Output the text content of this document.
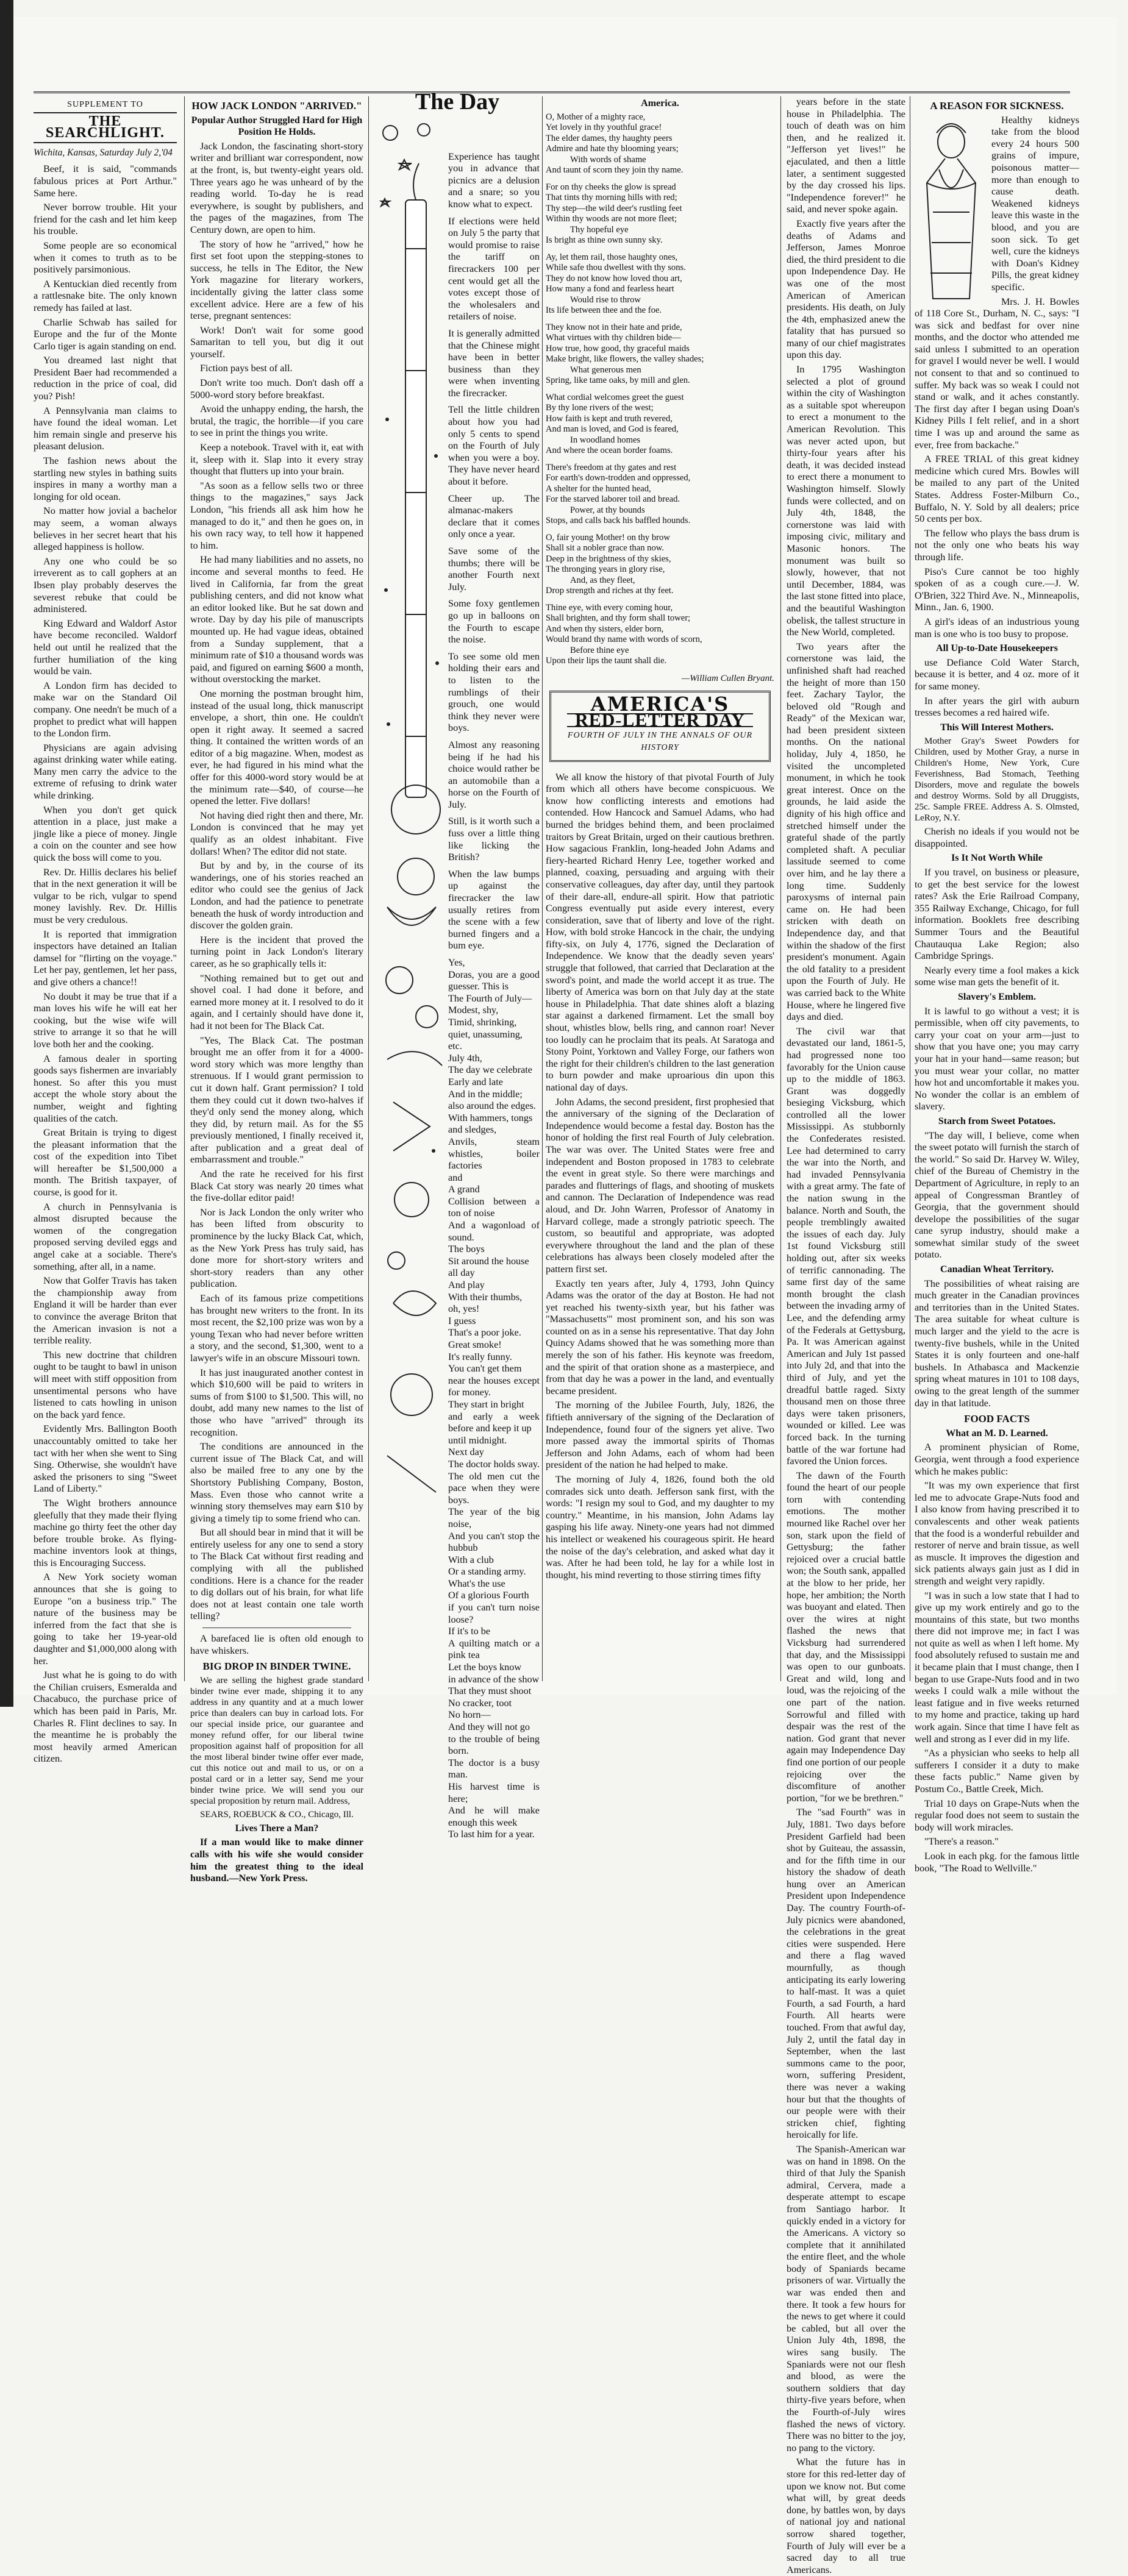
SUPPLEMENT TO
THE SEARCHLIGHT.
Wichita, Kansas, Saturday July 2,'04

Beef, it is said, "commands fabulous prices at Port Arthur." Same here.

Never borrow trouble. Hit your friend for the cash and let him keep his trouble.

Some people are so economical when it comes to truth as to be positively parsimonious.

A Kentuckian died recently from a rattlesnake bite. The only known remedy has failed at last.

Charlie Schwab has sailed for Europe and the fur of the Monte Carlo tiger is again standing on end.

You dreamed last night that President Baer had recommended a reduction in the price of coal, did you? Pish!

A Pennsylvania man claims to have found the ideal woman. Let him remain single and preserve his pleasant delusion.

The fashion news about the startling new styles in bathing suits inspires in many a worthy man a longing for old ocean.

No matter how jovial a bachelor may seem, a woman always believes in her secret heart that his alleged happiness is hollow.

Any one who could be so irreverent as to call gophers at an Ibsen play probably deserves the severest rebuke that could be administered.

King Edward and Waldorf Astor have become reconciled. Waldorf held out until he realized that the further humiliation of the king would be vain.

A London firm has decided to make war on the Standard Oil company. One needn't be much of a prophet to predict what will happen to the London firm.

Physicians are again advising against drinking water while eating. Many men carry the advice to the extreme of refusing to drink water while drinking.

When you don't get quick attention in a place, just make a jingle like a piece of money. Jingle a coin on the counter and see how quick the boss will come to you.

Rev. Dr. Hillis declares his belief that in the next generation it will be vulgar to be rich, vulgar to spend money lavishly. Rev. Dr. Hillis must be very credulous.

It is reported that immigration inspectors have detained an Italian damsel for "flirting on the voyage." Let her pay, gentlemen, let her pass, and give others a chance!!

No doubt it may be true that if a man loves his wife he will eat her cooking, but the wise wife will strive to arrange it so that he will love both her and the cooking.

A famous dealer in sporting goods says fishermen are invariably honest. So after this you must accept the whole story about the number, weight and fighting qualities of the catch.

Great Britain is trying to digest the pleasant information that the cost of the expedition into Tibet will hereafter be $1,500,000 a month. The British taxpayer, of course, is good for it.

A church in Pennsylvania is almost disrupted because the women of the congregation proposed serving deviled eggs and angel cake at a sociable. There's something, after all, in a name.

Now that Golfer Travis has taken the championship away from England it will be harder than ever to convince the average Briton that the American invasion is not a terrible reality.

This new doctrine that children ought to be taught to bawl in unison will meet with stiff opposition from unsentimental persons who have listened to cats howling in unison on the back yard fence.

Evidently Mrs. Ballington Booth unaccountably omitted to take her tact with her when she went to Sing Sing. Otherwise, she wouldn't have asked the prisoners to sing "Sweet Land of Liberty."

The Wight brothers announce gleefully that they made their flying machine go thirty feet the other day before trouble broke. As flying-machine inventors look at things, this is Encouraging Success.

A New York society woman announces that she is going to Europe "on a business trip." The nature of the business may be inferred from the fact that she is going to take her 19-year-old daughter and $1,000,000 along with her.

Just what he is going to do with the Chilian cruisers, Esmeralda and Chacabuco, the purchase price of which has been paid in Paris, Mr. Charles R. Flint declines to say. In the meantime he is probably the most heavily armed American citizen.

HOW JACK LONDON "ARRIVED."
Popular Author Struggled Hard for High Position He Holds.

Jack London, the fascinating short-story writer and brilliant war correspondent, now at the front, is, but twenty-eight years old. Three years ago he was unheard of by the reading world. To-day he is read everywhere, is sought by publishers, and the pages of the magazines, from The Century down, are open to him.

The story of how he "arrived," how he first set foot upon the stepping-stones to success, he tells in The Editor, the New York magazine for literary workers, incidentally giving the latter class some excellent advice. Here are a few of his terse, pregnant sentences:

Work! Don't wait for some good Samaritan to tell you, but dig it out yourself.

Fiction pays best of all.

Don't write too much. Don't dash off a 5000-word story before breakfast.

Avoid the unhappy ending, the harsh, the brutal, the tragic, the horrible—if you care to see in print the things you write.

Keep a notebook. Travel with it, eat with it, sleep with it. Slap into it every stray thought that flutters up into your brain.

"As soon as a fellow sells two or three things to the magazines," says Jack London, "his friends all ask him how he managed to do it," and then he goes on, in his own racy way, to tell how it happened to him.

He had many liabilities and no assets, no income and several months to feed. He lived in California, far from the great publishing centers, and did not know what an editor looked like. But he sat down and wrote. Day by day his pile of manuscripts mounted up. He had vague ideas, obtained from a Sunday supplement, that a minimum rate of $10 a thousand words was paid, and figured on earning $600 a month, without overstocking the market.

One morning the postman brought him, instead of the usual long, thick manuscript envelope, a short, thin one. He couldn't open it right away. It seemed a sacred thing. It contained the written words of an editor of a big magazine. When, modest as ever, he had figured in his mind what the offer for this 4000-word story would be at the minimum rate—$40, of course—he opened the letter. Five dollars!

Not having died right then and there, Mr. London is convinced that he may yet qualify as an oldest inhabitant. Five dollars! When? The editor did not state.

But by and by, in the course of its wanderings, one of his stories reached an editor who could see the genius of Jack London, and had the patience to penetrate beneath the husk of wordy introduction and discover the golden grain.

Here is the incident that proved the turning point in Jack London's literary career, as he so graphically tells it:

"Nothing remained but to get out and shovel coal. I had done it before, and earned more money at it. I resolved to do it again, and I certainly should have done it, had it not been for The Black Cat.

"Yes, The Black Cat. The postman brought me an offer from it for a 4000-word story which was more lengthy than strenuous. If I would grant permission to cut it down half. Grant permission? I told them they could cut it down two-halves if they'd only send the money along, which they did, by return mail. As for the $5 previously mentioned, I finally received it, after publication and a great deal of embarrassment and trouble."

And the rate he received for his first Black Cat story was nearly 20 times what the five-dollar editor paid!

Nor is Jack London the only writer who has been lifted from obscurity to prominence by the lucky Black Cat, which, as the New York Press has truly said, has done more for short-story writers and short-story readers than any other publication.

Each of its famous prize competitions has brought new writers to the front. In its most recent, the $2,100 prize was won by a young Texan who had never before written a story, and the second, $1,300, went to a lawyer's wife in an obscure Missouri town.

It has just inaugurated another contest in which $10,600 will be paid to writers in sums of from $100 to $1,500. This will, no doubt, add many new names to the list of those who have "arrived" through its recognition.

The conditions are announced in the current issue of The Black Cat, and will also be mailed free to any one by the Shortstory Publishing Company, Boston, Mass. Even those who cannot write a winning story themselves may earn $10 by giving a timely tip to some friend who can.

But all should bear in mind that it will be entirely useless for any one to send a story to The Black Cat without first reading and complying with all the published conditions. Here is a chance for the reader to dig dollars out of his brain, for what life does not at least contain one tale worth telling?

A barefaced lie is often old enough to have whiskers.

BIG DROP IN BINDER TWINE.

We are selling the highest grade standard binder twine ever made, shipping it to any address in any quantity and at a much lower price than dealers can buy in carload lots. For our special inside price, our guarantee and money refund offer, for our liberal twine proposition against half of proposition for all the most liberal binder twine offer ever made, cut this notice out and mail to us, or on a postal card or in a letter say, Send me your binder twine price. We will send you our special proposition by return mail. Address,

SEARS, ROEBUCK & CO., Chicago, Ill.

Lives There a Man?

If a man would like to make dinner calls with his wife she would consider him the greatest thing to the ideal husband.—New York Press.

The Day

Experience has taught you in advance that picnics are a delusion and a snare; so you know what to expect.

If elections were held on July 5 the party that would promise to raise the tariff on firecrackers 100 per cent would get all the votes except those of the wholesalers and retailers of noise.

It is generally admitted that the Chinese might have been in better business than they were when inventing the firecracker.

Tell the little children about how you had only 5 cents to spend on the Fourth of July when you were a boy. They have never heard about it before.

Cheer up. The almanac-makers declare that it comes only once a year.

Save some of the thumbs; there will be another Fourth next July.

Some foxy gentlemen go up in balloons on the Fourth to escape the noise.

To see some old men holding their ears and to listen to the rumblings of their grouch, one would think they never were boys.

Almost any reasoning being if he had his choice would rather be an automobile than a horse on the Fourth of July.

Still, is it worth such a fuss over a little thing like licking the British?

When the law bumps up against the firecracker the law usually retires from the scene with a few burned fingers and a bum eye.

Yes,
Doras, you are a good guesser. This is
The Fourth of July—
Modest, shy,
Timid, shrinking,
quiet, unassuming,
etc.
July 4th,
The day we celebrate
Early and late
And in the middle;
also around the edges.
With hammers, tongs
and sledges,
Anvils, steam whistles, boiler factories
and
A grand
Collision between a ton of noise
And a wagonload of sound.
The boys
Sit around the house
all day
And play
With their thumbs,
oh, yes!
I guess
That's a poor joke.
Great smoke!
It's really funny.
You can't get them
near the houses except for money.
They start in bright
and early a week before and keep it up
until midnight.
Next day
The doctor holds sway.
The old men cut the pace when they were boys.
The year of the big noise,
And you can't stop the hubbub
With a club
Or a standing army.
What's the use
Of a glorious Fourth
if you can't turn noise loose?
If it's to be
A quilting match or a pink tea
Let the boys know
in advance of the show
That they must shoot
No cracker, toot
No horn—
And they will not go
to the trouble of being born.
The doctor is a busy man.
His harvest time is here;
And he will make enough this week
To last him for a year.
America.
O, Mother of a mighty race,
Yet lovely in thy youthful grace!
The elder dames, thy haughty peers
Admire and hate thy blooming years;
With words of shame
And taunt of scorn they join thy name.
For on thy cheeks the glow is spread
That tints thy morning hills with red;
Thy step—the wild deer's rustling feet
Within thy woods are not more fleet;
Thy hopeful eye
Is bright as thine own sunny sky.
Ay, let them rail, those haughty ones,
While safe thou dwellest with thy sons.
They do not know how loved thou art,
How many a fond and fearless heart
Would rise to throw
Its life between thee and the foe.
They know not in their hate and pride,
What virtues with thy children bide—
How true, how good, thy graceful maids
Make bright, like flowers, the valley shades;
What generous men
Spring, like tame oaks, by mill and glen.
What cordial welcomes greet the guest
By thy lone rivers of the west;
How faith is kept and truth revered,
And man is loved, and God is feared,
In woodland homes
And where the ocean border foams.
There's freedom at thy gates and rest
For earth's down-trodden and oppressed,
A shelter for the hunted head,
For the starved laborer toil and bread.
Power, at thy bounds
Stops, and calls back his baffled hounds.
O, fair young Mother! on thy brow
Shall sit a nobler grace than now.
Deep in the brightness of thy skies,
The thronging years in glory rise,
And, as they fleet,
Drop strength and riches at thy feet.
Thine eye, with every coming hour,
Shall brighten, and thy form shall tower;
And when thy sisters, elder born,
Would brand thy name with words of scorn,
Before thine eye
Upon their lips the taunt shall die.
—William Cullen Bryant.
AMERICA'S
RED-LETTER DAY
FOURTH OF JULY IN THE ANNALS OF OUR HISTORY

We all know the history of that pivotal Fourth of July from which all others have become conspicuous. We know how conflicting interests and emotions had contended. How Hancock and Samuel Adams, who had burned the bridges behind them, and been proclaimed traitors by Great Britain, urged on their cautious brethren. How sagacious Franklin, long-headed John Adams and fiery-hearted Richard Henry Lee, together worked and planned, coaxing, persuading and arguing with their conservative colleagues, day after day, until they partook of their dare-all, endure-all spirit. How that patriotic Congress eventually put aside every interest, every consideration, save that of liberty and love of the right. How, with bold stroke Hancock in the chair, the undying fifty-six, on July 4, 1776, signed the Declaration of Independence. We know that the deadly seven years' struggle that followed, that carried that Declaration at the sword's point, and made the world accept it as true. The liberty of America was born on that July day at the state house in Philadelphia. That date shines aloft a blazing star against a darkened firmament. Let the small boy shout, whistles blow, bells ring, and cannon roar! Never too loudly can he proclaim that its peals. At Saratoga and Stony Point, Yorktown and Valley Forge, our fathers won the right for their children's children to the last generation to burn powder and make uproarious din upon this national day of days.

John Adams, the second president, first prophesied that the anniversary of the signing of the Declaration of Independence would become a festal day. Boston has the honor of holding the first real Fourth of July celebration. The war was over. The United States were free and independent and Boston proposed in 1783 to celebrate the event in great style. So there were marchings and parades and flutterings of flags, and shooting of muskets and cannon. The Declaration of Independence was read aloud, and Dr. John Warren, Professor of Anatomy in Harvard college, made a strongly patriotic speech. The custom, so beautiful and appropriate, was adopted everywhere throughout the land and the plan of these celebrations has always been closely modeled after the pattern first set.

Exactly ten years after, July 4, 1793, John Quincy Adams was the orator of the day at Boston. He had not yet reached his twenty-sixth year, but his father was "Massachusetts'" most prominent son, and his son was counted on as in a sense his representative. That day John Quincy Adams showed that he was something more than merely the son of his father. His keynote was freedom, and the spirit of that oration shone as a masterpiece, and from that day he was a power in the land, and eventually became president.

The morning of the Jubilee Fourth, July, 1826, the fiftieth anniversary of the signing of the Declaration of Independence, found four of the signers yet alive. Two more passed away the immortal spirits of Thomas Jefferson and John Adams, each of whom had been president of the nation he had helped to make.

The morning of July 4, 1826, found both the old comrades sick unto death. Jefferson sank first, with the words: "I resign my soul to God, and my daughter to my country." Meantime, in his mansion, John Adams lay gasping his life away. Ninety-one years had not dimmed his intellect or weakened his courageous spirit. He heard the noise of the day's celebration, and asked what day it was. After he had been told, he lay for a while lost in thought, his mind reverting to those stirring times fifty

years before in the state house in Philadelphia. The touch of death was on him then, and he realized it. "Jefferson yet lives!" he ejaculated, and then a little later, a sentiment suggested by the day crossed his lips. "Independence forever!" he said, and never spoke again.

Exactly five years after the deaths of Adams and Jefferson, James Monroe died, the third president to die upon Independence Day. He was one of the most American of American presidents. His death, on July the 4th, emphasized anew the fatality that has pursued so many of our chief magistrates upon this day.

In 1795 Washington selected a plot of ground within the city of Washington as a suitable spot whereupon to erect a monument to the American Revolution. This was never acted upon, but thirty-four years after his death, it was decided instead to erect there a monument to Washington himself. Slowly funds were collected, and on July 4th, 1848, the cornerstone was laid with imposing civic, military and Masonic honors. The monument was built so slowly, however, that not until December, 1884, was the last stone fitted into place, and the beautiful Washington obelisk, the tallest structure in the New World, completed.

Two years after the cornerstone was laid, the unfinished shaft had reached the height of more than 150 feet. Zachary Taylor, the beloved old "Rough and Ready" of the Mexican war, had been president sixteen months. On the national holiday, July 4, 1850, he visited the uncompleted monument, in which he took great interest. Once on the grounds, he laid aside the dignity of his high office and stretched himself under the grateful shade of the partly completed shaft. A peculiar lassitude seemed to come over him, and he lay there a long time. Suddenly paroxysms of internal pain came on. He had been stricken with death on Independence day, and that within the shadow of the first president's monument. Again the old fatality to a president upon the Fourth of July. He was carried back to the White House, where he lingered five days and died.

The civil war that devastated our land, 1861-5, had progressed none too favorably for the Union cause up to the middle of 1863. Grant was doggedly besieging Vicksburg, which controlled all the lower Mississippi. As stubbornly the Confederates resisted. Lee had determined to carry the war into the North, and had invaded Pennsylvania with a great army. The fate of the nation swung in the balance. North and South, the people tremblingly awaited the issues of each day. July 1st found Vicksburg still holding out, after six weeks of terrific cannonading. The same first day of the same month brought the clash between the invading army of Lee, and the defending army of the Federals at Gettysburg, Pa. It was American against American and July 1st passed into July 2d, and that into the third of July, and yet the dreadful battle raged. Sixty thousand men on those three days were taken prisoners, wounded or killed. Lee was forced back. In the turning battle of the war fortune had favored the Union forces.

The dawn of the Fourth found the heart of our people torn with contending emotions. The mother mourned like Rachel over her son, stark upon the field of Gettysburg; the father rejoiced over a crucial battle won; the South sank, appalled at the blow to her pride, her hope, her ambition; the North was buoyant and elated. Then over the wires at night flashed the news that Vicksburg had surrendered that day, and the Mississippi was open to our gunboats. Great and wild, long and loud, was the rejoicing of the one part of the nation. Sorrowful and filled with despair was the rest of the nation. God grant that never again may Independence Day find one portion of our people rejoicing over the discomfiture of another portion, "for we be brethren."

The "sad Fourth" was in July, 1881. Two days before President Garfield had been shot by Guiteau, the assassin, and for the fifth time in our history the shadow of death hung over an American President upon Independence Day. The country Fourth-of-July picnics were abandoned, the celebrations in the great cities were suspended. Here and there a flag waved mournfully, as though anticipating its early lowering to half-mast. It was a quiet Fourth, a sad Fourth, a hard Fourth. All hearts were touched. From that awful day, July 2, until the fatal day in September, when the last summons came to the poor, worn, suffering President, there was never a waking hour but that the thoughts of our people were with their stricken chief, fighting heroically for life.

The Spanish-American war was on hand in 1898. On the third of that July the Spanish admiral, Cervera, made a desperate attempt to escape from Santiago harbor. It quickly ended in a victory for the Americans. A victory so complete that it annihilated the entire fleet, and the whole body of Spaniards became prisoners of war. Virtually the war was ended then and there. It took a few hours for the news to get where it could be cabled, but all over the Union July 4th, 1898, the wires sang busily. The Spaniards were not our flesh and blood, as were the southern soldiers that day thirty-five years before, when the Fourth-of-July wires flashed the news of victory. There was no bitter to the joy, no pang to the victory.

What the future has in store for this red-letter day of upon we know not. But come what will, by great deeds done, by battles won, by days of national joy and national sorrow shared together, Fourth of July will ever be a sacred day to all true Americans.

A REASON FOR SICKNESS.

Healthy kidneys take from the blood every 24 hours 500 grains of impure, poisonous matter—more than enough to cause death. Weakened kidneys leave this waste in the blood, and you are soon sick. To get well, cure the kidneys with Doan's Kidney Pills, the great kidney specific.

Mrs. J. H. Bowles of 118 Core St., Durham, N. C., says: "I was sick and bedfast for over nine months, and the doctor who attended me said unless I submitted to an operation for gravel I would never be well. I would not consent to that and so continued to suffer. My back was so weak I could not stand or walk, and it aches constantly. The first day after I began using Doan's Kidney Pills I felt relief, and in a short time I was up and around the same as ever, free from backache."

A FREE TRIAL of this great kidney medicine which cured Mrs. Bowles will be mailed to any part of the United States. Address Foster-Milburn Co., Buffalo, N. Y. Sold by all dealers; price 50 cents per box.

The fellow who plays the bass drum is not the only one who beats his way through life.

Piso's Cure cannot be too highly spoken of as a cough cure.—J. W. O'Brien, 322 Third Ave. N., Minneapolis, Minn., Jan. 6, 1900.

A girl's ideas of an industrious young man is one who is too busy to propose.

All Up-to-Date Housekeepers

use Defiance Cold Water Starch, because it is better, and 4 oz. more of it for same money.

In after years the girl with auburn tresses becomes a red haired wife.

This Will Interest Mothers.

Mother Gray's Sweet Powders for Children, used by Mother Gray, a nurse in Children's Home, New York, Cure Feverishness, Bad Stomach, Teething Disorders, move and regulate the bowels and destroy Worms. Sold by all Druggists, 25c. Sample FREE. Address A. S. Olmsted, LeRoy, N.Y.

Cherish no ideals if you would not be disappointed.

Is It Not Worth While

If you travel, on business or pleasure, to get the best service for the lowest rates? Ask the Erie Railroad Company, 355 Railway Exchange, Chicago, for full information. Booklets free describing Summer Tours and the Beautiful Chautauqua Lake Region; also Cambridge Springs.

Nearly every time a fool makes a kick some wise man gets the benefit of it.

Slavery's Emblem.

It is lawful to go without a vest; it is permissible, when off city pavements, to carry your coat on your arm—just to show that you have one; you may carry your hat in your hand—same reason; but you must wear your collar, no matter how hot and uncomfortable it makes you. No wonder the collar is an emblem of slavery.

Starch from Sweet Potatoes.

"The day will, I believe, come when the sweet potato will furnish the starch of the world." So said Dr. Harvey W. Wiley, chief of the Bureau of Chemistry in the Department of Agriculture, in reply to an appeal of Congressman Brantley of Georgia, that the government should develope the possibilities of the sugar cane syrup industry, should make a somewhat similar study of the sweet potato.

Canadian Wheat Territory.

The possibilities of wheat raising are much greater in the Canadian provinces and territories than in the United States. The area suitable for wheat culture is much larger and the yield to the acre is twenty-five bushels, while in the United States it is only fourteen and one-half bushels. In Athabasca and Mackenzie spring wheat matures in 101 to 108 days, owing to the great length of the summer day in that latitude.

FOOD FACTS
What an M. D. Learned.

A prominent physician of Rome, Georgia, went through a food experience which he makes public:

"It was my own experience that first led me to advocate Grape-Nuts food and I also know from having prescribed it to convalescents and other weak patients that the food is a wonderful rebuilder and restorer of nerve and brain tissue, as well as muscle. It improves the digestion and sick patients always gain just as I did in strength and weight very rapidly.

"I was in such a low state that I had to give up my work entirely and go to the mountains of this state, but two months there did not improve me; in fact I was not quite as well as when I left home. My food absolutely refused to sustain me and it became plain that I must change, then I began to use Grape-Nuts food and in two weeks I could walk a mile without the least fatigue and in five weeks returned to my home and practice, taking up hard work again. Since that time I have felt as well and strong as I ever did in my life.

"As a physician who seeks to help all sufferers I consider it a duty to make these facts public." Name given by Postum Co., Battle Creek, Mich.

Trial 10 days on Grape-Nuts when the regular food does not seem to sustain the body will work miracles.

"There's a reason."

Look in each pkg. for the famous little book, "The Road to Wellville."
